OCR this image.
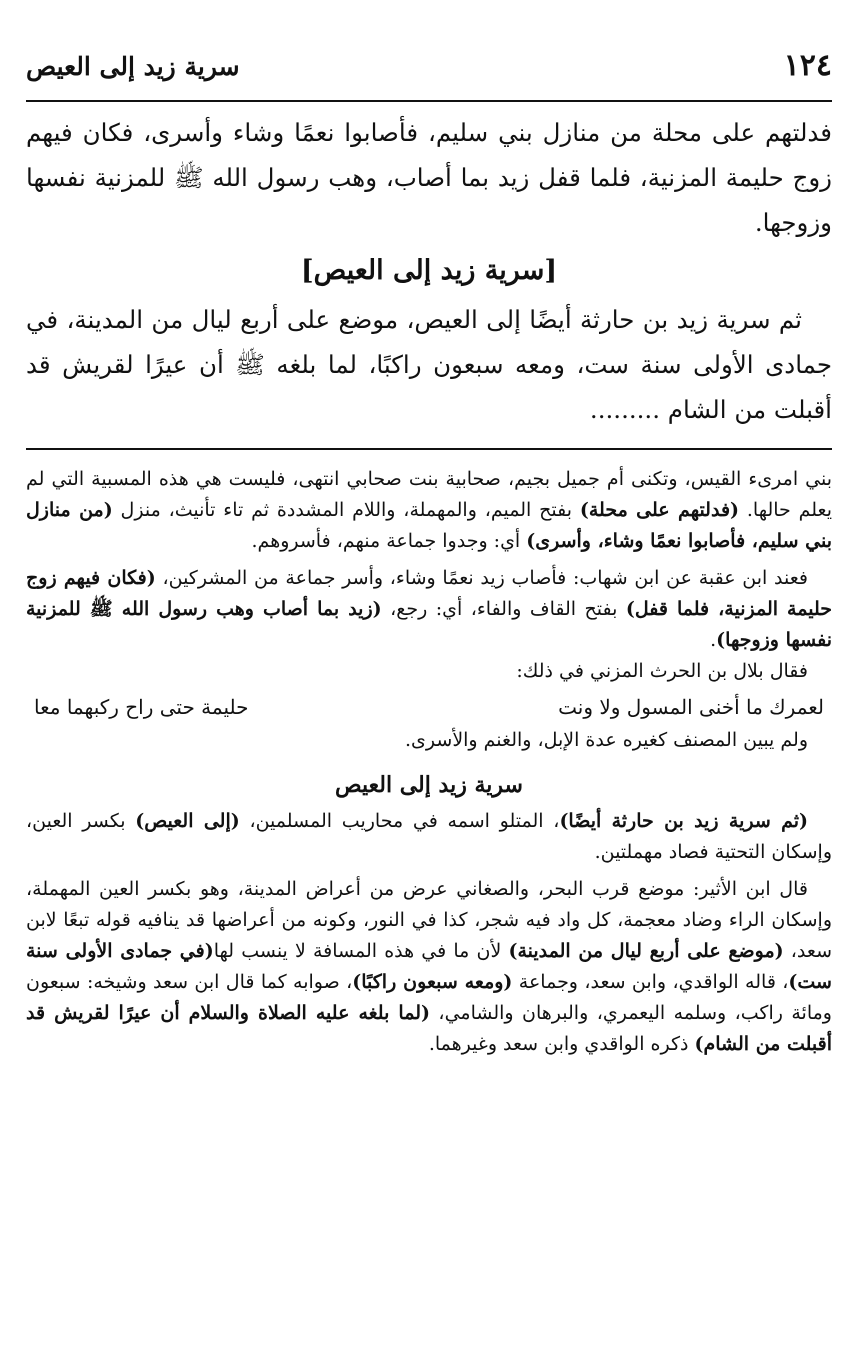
١٢٤
سرية زيد إلى العيص

فدلتهم على محلة من منازل بني سليم، فأصابوا نعمًا وشاء وأسرى، فكان فيهم زوج حليمة المزنية، فلما قفل زيد بما أصاب، وهب رسول الله ﷺ للمزنية نفسها وزوجها.

[سرية زيد إلى العيص]

ثم سرية زيد بن حارثة أيضًا إلى العيص، موضع على أربع ليال من المدينة، في جمادى الأولى سنة ست، ومعه سبعون راكبًا، لما بلغه ﷺ أن عيرًا لقريش قد أقبلت من الشام .........

بني امرىء القيس، وتكنى أم جميل بجيم، صحابية بنت صحابي انتهى، فليست هي هذه المسبية التي لم يعلم حالها. (فدلتهم على محلة) بفتح الميم، والمهملة، واللام المشددة ثم تاء تأنيث، منزل (من منازل بني سليم، فأصابوا نعمًا وشاء، وأسرى) أي: وجدوا جماعة منهم، فأسروهم.

فعند ابن عقبة عن ابن شهاب: فأصاب زيد نعمًا وشاء، وأسر جماعة من المشركين، (فكان فيهم زوج حليمة المزنية، فلما قفل) بفتح القاف والفاء، أي: رجع، (زيد بما أصاب وهب رسول الله ﷺ للمزنية نفسها وزوجها).

فقال بلال بن الحرث المزني في ذلك:

لعمرك ما أخنى المسول ولا ونت
حليمة حتى راح ركبهما معا

ولم يبين المصنف كغيره عدة الإبل، والغنم والأسرى.

سرية زيد إلى العيص

(ثم سرية زيد بن حارثة أيضًا)، المتلو اسمه في محاريب المسلمين، (إلى العيص) بكسر العين، وإسكان التحتية فصاد مهملتين.

قال ابن الأثير: موضع قرب البحر، والصغاني عرض من أعراض المدينة، وهو بكسر العين المهملة، وإسكان الراء وضاد معجمة، كل واد فيه شجر، كذا في النور، وكونه من أعراضها قد ينافيه قوله تبعًا لابن سعد، (موضع على أربع ليال من المدينة) لأن ما في هذه المسافة لا ينسب لها(في جمادى الأولى سنة ست)، قاله الواقدي، وابن سعد، وجماعة (ومعه سبعون راكبًا)، صوابه كما قال ابن سعد وشيخه: سبعون ومائة راكب، وسلمه اليعمري، والبرهان والشامي، (لما بلغه عليه الصلاة والسلام أن عيرًا لقريش قد أقبلت من الشام) ذكره الواقدي وابن سعد وغيرهما.
